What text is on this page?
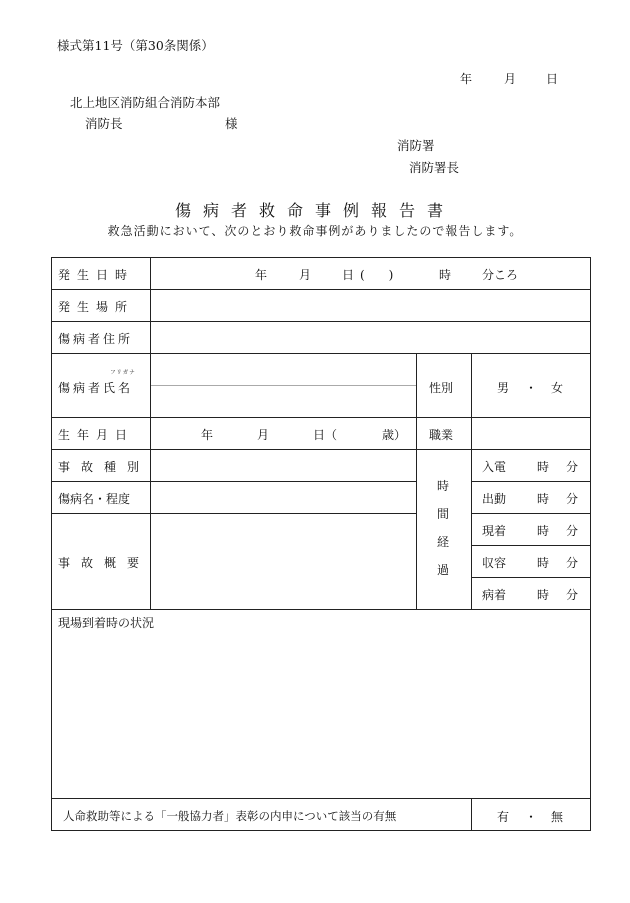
様式第11号（第30条関係）
年	月 日
北上地区消防組合消防本部
消防長	様
消防署
消防署長
傷病者救命事例報告書
救急活動において、次のとおり救命事例がありましたので報告します。
発生日時	年	月	日(　)	時	分ころ
発生場所
傷病者住所
フリガナ
傷病者氏名	性別	男 ・ 女
生年月日	年	月	日（	歳） 職業
事故種別
傷病名・程度
事故概要
時
間
経
過
入電	時 分
出動	時 分
現着	時 分
収容	時 分
病着	時 分
現場到着時の状況
人命救助等による「一般協力者」表彰の内申について該当の有無	有 ・ 無
